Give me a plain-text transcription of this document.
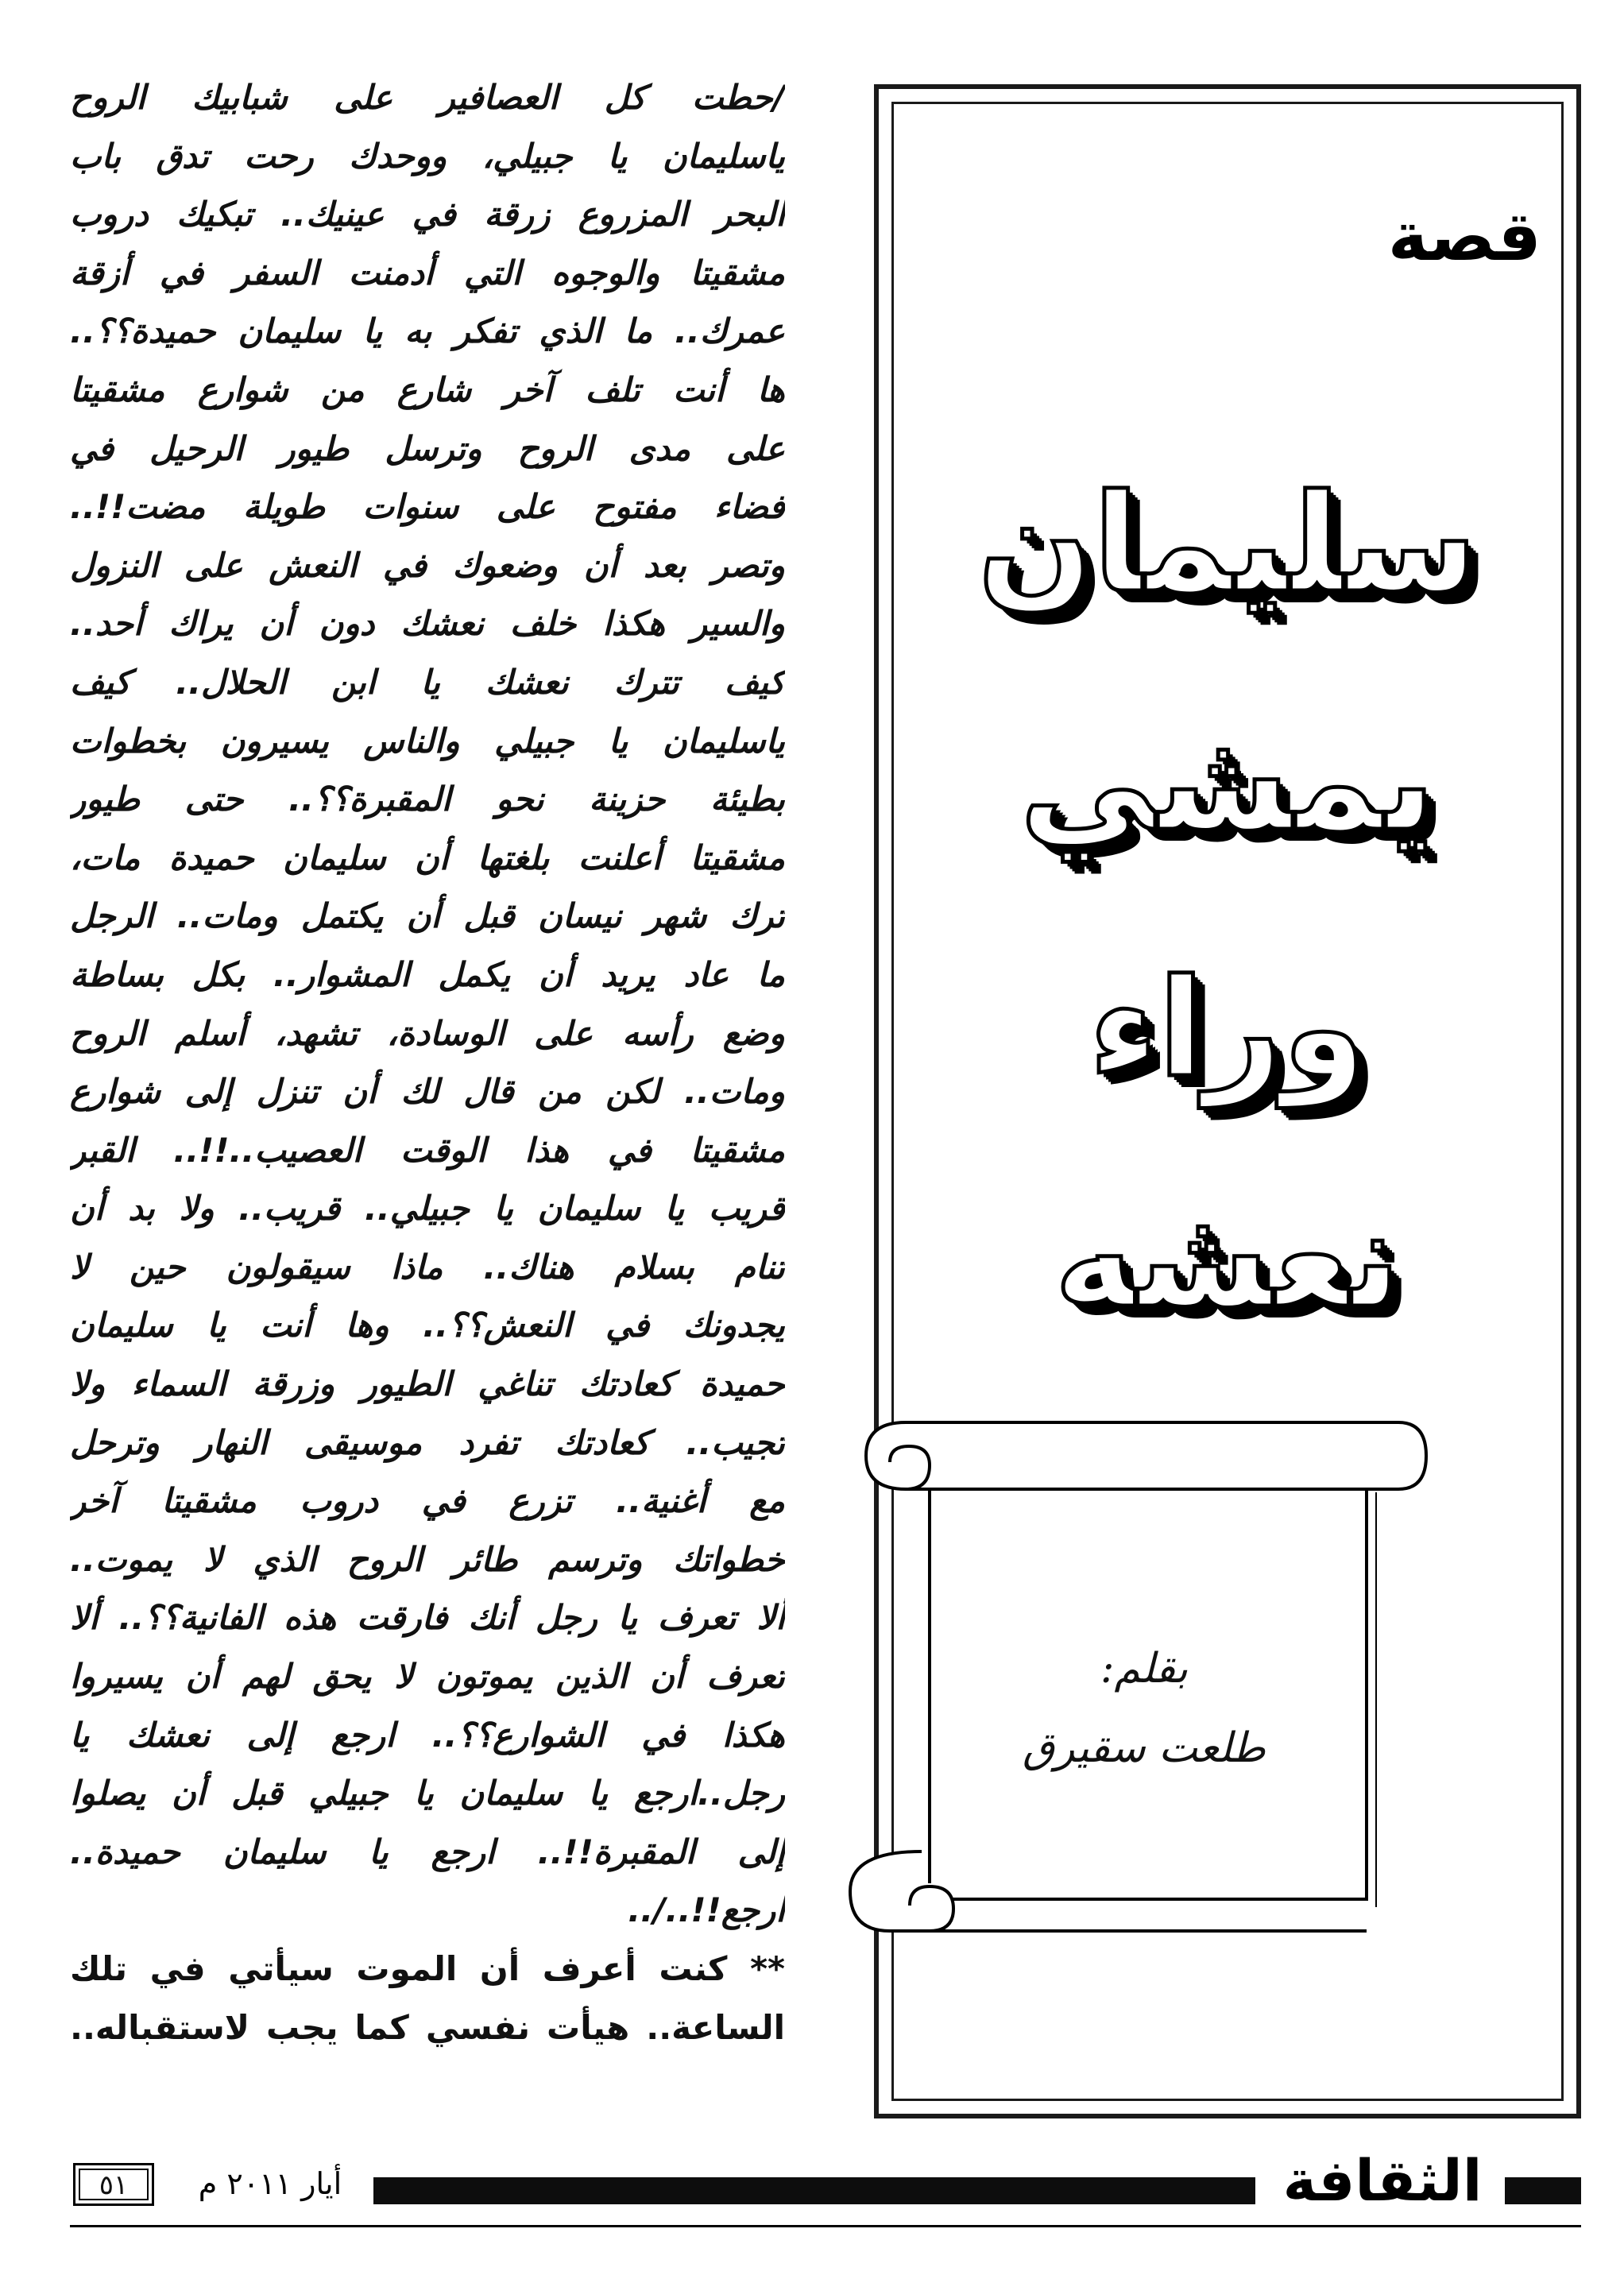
قصة
سليمان
يمشي
وراء
نعشه
بقلم:
طلعت سقيرق
/حطت كل العصافير على شبابيك الروح
ياسليمان يا جبيلي، ووحدك رحت تدق باب
البحر المزروع زرقة في عينيك.. تبكيك دروب
مشقيتا والوجوه التي أدمنت السفر في أزقة
عمرك.. ما الذي تفكر به يا سليمان حميدة؟؟..
ها أنت تلف آخر شارع من شوارع مشقيتا
على مدى الروح وترسل طيور الرحيل في
فضاء مفتوح على سنوات طويلة مضت!!..
وتصر بعد أن وضعوك في النعش على النزول
والسير هكذا خلف نعشك دون أن يراك أحد..
كيف تترك نعشك يا ابن الحلال.. كيف
ياسليمان يا جبيلي والناس يسيرون بخطوات
بطيئة حزينة نحو المقبرة؟؟.. حتى طيور
مشقيتا أعلنت بلغتها أن سليمان حميدة مات،
ترك شهر نيسان قبل أن يكتمل ومات.. الرجل
ما عاد يريد أن يكمل المشوار.. بكل بساطة
وضع رأسه على الوسادة، تشهد، أسلم الروح
ومات.. لكن من قال لك أن تنزل إلى شوارع
مشقيتا في هذا الوقت العصيب..!!.. القبر
قريب يا سليمان يا جبيلي.. قريب.. ولا بد أن
تنام بسلام هناك.. ماذا سيقولون حين لا
يجدونك في النعش؟؟.. وها أنت يا سليمان
حميدة كعادتك تناغي الطيور وزرقة السماء ولا
تجيب.. كعادتك تفرد موسيقى النهار وترحل
مع أغنية.. تزرع في دروب مشقيتا آخر
خطواتك وترسم طائر الروح الذي لا يموت..
ألا تعرف يا رجل أنك فارقت هذه الفانية؟؟.. ألا
تعرف أن الذين يموتون لا يحق لهم أن يسيروا
هكذا في الشوارع؟؟.. ارجع إلى نعشك يا
رجل..ارجع يا سليمان يا جبيلي قبل أن يصلوا
إلى المقبرة!!.. ارجع يا سليمان حميدة..
ارجع!!../..
** كنت أعرف أن الموت سيأتي في تلك
الساعة.. هيأت نفسي كما يجب لاستقباله..
الثقافة
أيار ٢٠١١ م
٥١
